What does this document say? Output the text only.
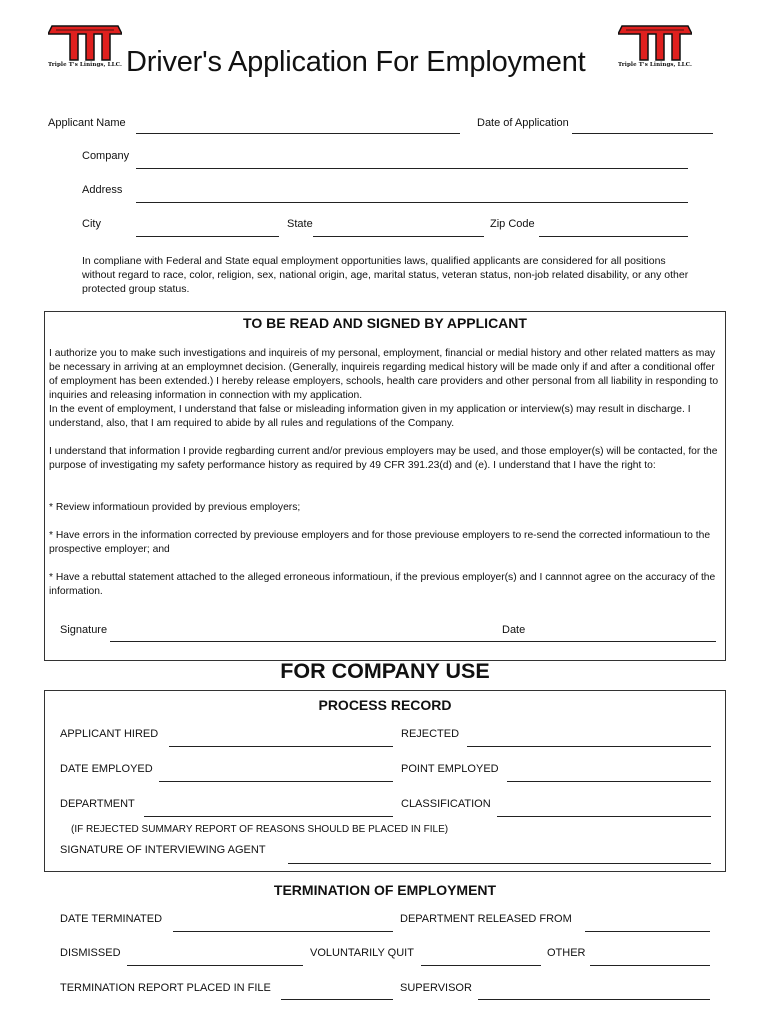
Triple T's Linings, LLC. Driver's Application For Employment	Triple T's Linings, LLC.
Applicant Name	Date of Application
Company
Address
City	State	Zip Code
In compliane with Federal and State equal employment opportunities laws, qualified applicants are considered for all positions without regard to race, color, religion, sex, national origin, age, marital status, veteran status, non-job related disability, or any other protected group status.
TO BE READ AND SIGNED BY APPLICANT
I authorize you to make such investigations and inquireis of my personal, employment, financial or medial history and other related matters as may be necessary in arriving at an employmnet decision. (Generally, inquireis regarding medical history will be made only if and after a conditional offer of employment has been extended.) I hereby release employers, schools, health care providers and other personal from all liability in responding to inquiries and releasing information in connection with my application.
In the event of employment, I understand that false or misleading information given in my application or interview(s) may result in discharge. I understand, also, that I am required to abide by all rules and regulations of the Company.
I understand that information I provide regbarding current and/or previous employers may be used, and those employer(s) will be contacted, for the purpose of investigating my safety performance history as required by 49 CFR 391.23(d) and (e). I understand that I have the right to:
* Review informatioun provided by previous employers;
* Have errors in the information corrected by previouse employers and for those previouse employers to re-send the corrected informatioun to the prospective employer; and
* Have a rebuttal statement attached to the alleged erroneous informatioun, if the previous employer(s) and I cannnot agree on the accuracy of the information.
Signature	Date
FOR COMPANY USE
PROCESS RECORD
APPLICANT HIRED	REJECTED
DATE EMPLOYED	POINT EMPLOYED
DEPARTMENT	CLASSIFICATION
(IF REJECTED SUMMARY REPORT OF REASONS SHOULD BE PLACED IN FILE)
SIGNATURE OF INTERVIEWING AGENT
TERMINATION OF EMPLOYMENT
DATE TERMINATED	DEPARTMENT RELEASED FROM
DISMISSED	VOLUNTARILY QUIT	OTHER
TERMINATION REPORT PLACED IN FILE	SUPERVISOR
